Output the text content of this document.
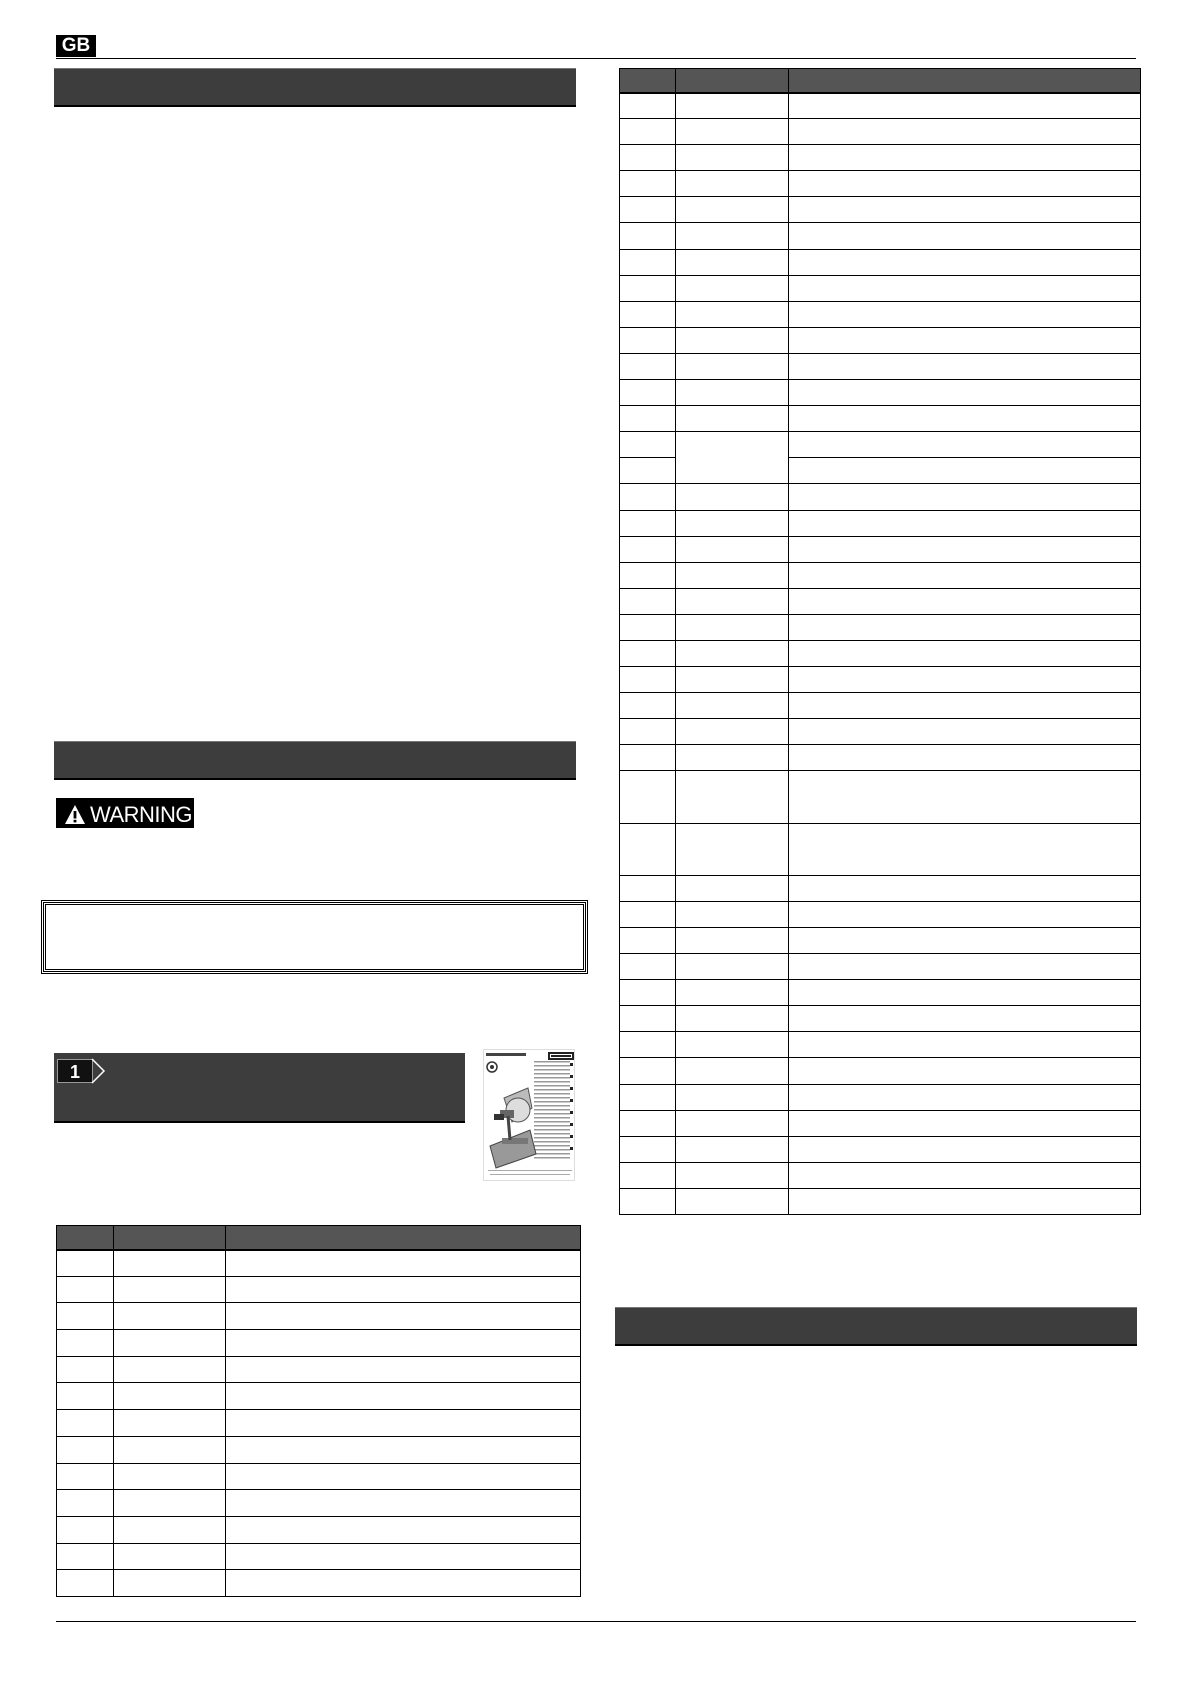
GB
WARNING
1
